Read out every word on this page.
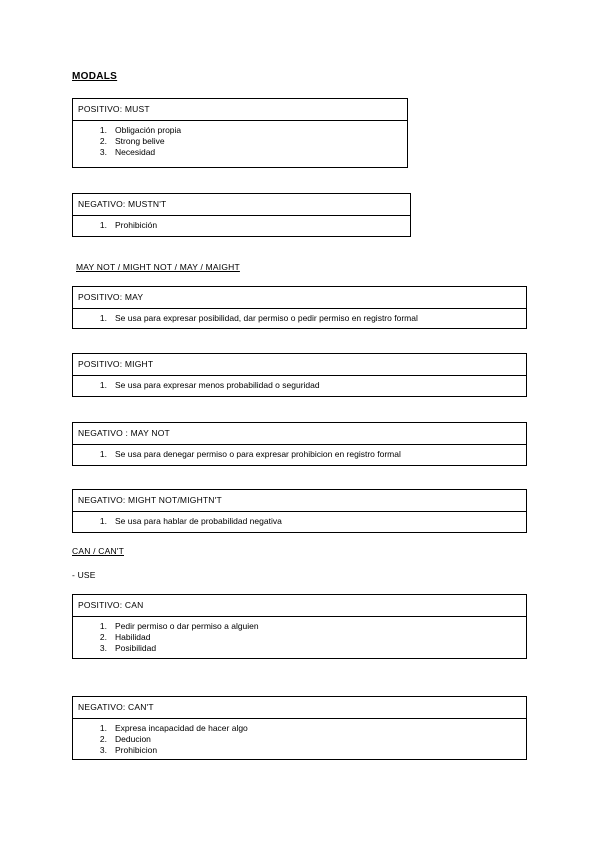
MODALS
POSITIVO: MUST
1. Obligación propia
2. Strong belive
3. Necesidad
NEGATIVO: MUSTN'T
1. Prohibición
MAY NOT / MIGHT NOT / MAY / MAIGHT
POSITIVO: MAY
1. Se usa para expresar posibilidad, dar permiso o pedir permiso en registro formal
POSITIVO: MIGHT
1. Se usa para expresar menos probabilidad o seguridad
NEGATIVO : MAY NOT
1. Se usa para denegar permiso o para expresar prohibicion en registro formal
NEGATIVO: MIGHT NOT/MIGHTN'T
1. Se usa para hablar de probabilidad negativa
CAN / CAN'T
- USE
POSITIVO: CAN
1. Pedir permiso o dar permiso a alguien
2. Habilidad
3. Posibilidad
NEGATIVO: CAN'T
1. Expresa incapacidad de hacer algo
2. Deducion
3. Prohibicion
